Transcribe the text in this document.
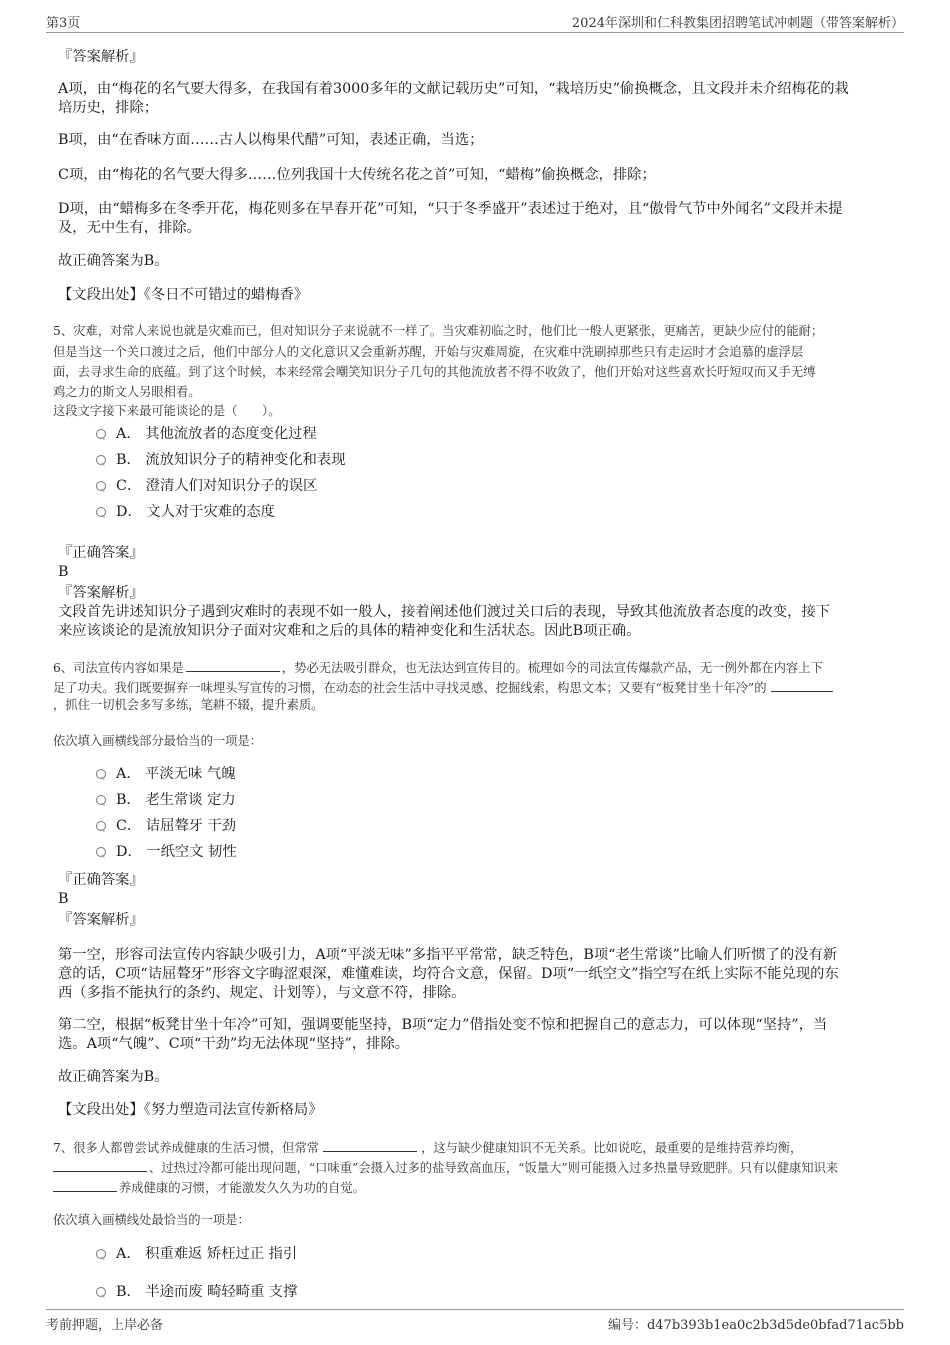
第3页	2024年深圳和仁科教集团招聘笔试冲刺题（带答案解析）
『答案解析』
A项，由“梅花的名气要大得多，在我国有着3000多年的文献记载历史”可知，“栽培历史”偷换概念，且文段并未介绍梅花的栽
培历史，排除；
B项，由“在香味方面……古人以梅果代醋”可知，表述正确，当选；
C项，由“梅花的名气要大得多……位列我国十大传统名花之首”可知，“蜡梅”偷换概念，排除；
D项，由“蜡梅多在冬季开花，梅花则多在早春开花”可知，“只于冬季盛开”表述过于绝对，且“傲骨气节中外闻名”文段并未提
及，无中生有，排除。
故正确答案为B。
【文段出处】《冬日不可错过的蜡梅香》
5、灾难，对常人来说也就是灾难而已，但对知识分子来说就不一样了。当灾难初临之时，他们比一般人更紧张，更痛苦，更缺少应付的能耐；
但是当这一个关口渡过之后，他们中部分人的文化意识又会重新苏醒，开始与灾难周旋，在灾难中洗刷掉那些只有走运时才会追慕的虚浮层
面，去寻求生命的底蕴。到了这个时候，本来经常会嘲笑知识分子几句的其他流放者不得不收敛了，他们开始对这些喜欢长吁短叹而又手无缚
鸡之力的斯文人另眼相看。
这段文字接下来最可能谈论的是（　　）。
A． 其他流放者的态度变化过程
B． 流放知识分子的精神变化和表现
C． 澄清人们对知识分子的误区
D． 文人对于灾难的态度
『正确答案』
B
『答案解析』
文段首先讲述知识分子遇到灾难时的表现不如一般人，接着阐述他们渡过关口后的表现，导致其他流放者态度的改变，接下
来应该谈论的是流放知识分子面对灾难和之后的具体的精神变化和生活状态。因此B项正确。
6、司法宣传内容如果是	，势必无法吸引群众，也无法达到宣传目的。梳理如今的司法宣传爆款产品，无一例外都在内容上下
足了功夫。我们既要摒弃一味埋头写宣传的习惯，在动态的社会生活中寻找灵感、挖掘线索，构思文本；又要有“板凳甘坐十年冷”的
，抓住一切机会多写多练，笔耕不辍，提升素质。
依次填入画横线部分最恰当的一项是：
A． 平淡无味 气魄
B． 老生常谈 定力
C． 诘屈聱牙 干劲
D． 一纸空文 韧性
『正确答案』
B
『答案解析』
第一空，形容司法宣传内容缺少吸引力，A项“平淡无味”多指平平常常，缺乏特色，B项“老生常谈”比喻人们听惯了的没有新
意的话，C项“诘屈聱牙”形容文字晦涩艰深，难懂难读，均符合文意，保留。D项“一纸空文”指空写在纸上实际不能兑现的东
西（多指不能执行的条约、规定、计划等），与文意不符，排除。
第二空，根据“板凳甘坐十年冷”可知，强调要能坚持，B项“定力”借指处变不惊和把握自己的意志力，可以体现“坚持”，当
选。A项“气魄”、C项“干劲”均无法体现“坚持”，排除。
故正确答案为B。
【文段出处】《努力塑造司法宣传新格局》
7、很多人都曾尝试养成健康的生活习惯，但常常	，这与缺少健康知识不无关系。比如说吃，最重要的是维持营养均衡，
、过热过冷都可能出现问题，“口味重”会摄入过多的盐导致高血压，“饭量大”则可能摄入过多热量导致肥胖。只有以健康知识来
养成健康的习惯，才能激发久久为功的自觉。
依次填入画横线处最恰当的一项是：
A． 积重难返 矫枉过正 指引
B． 半途而废 畸轻畸重 支撑
考前押题，上岸必备	编号：d47b393b1ea0c2b3d5de0bfad71ac5bb
